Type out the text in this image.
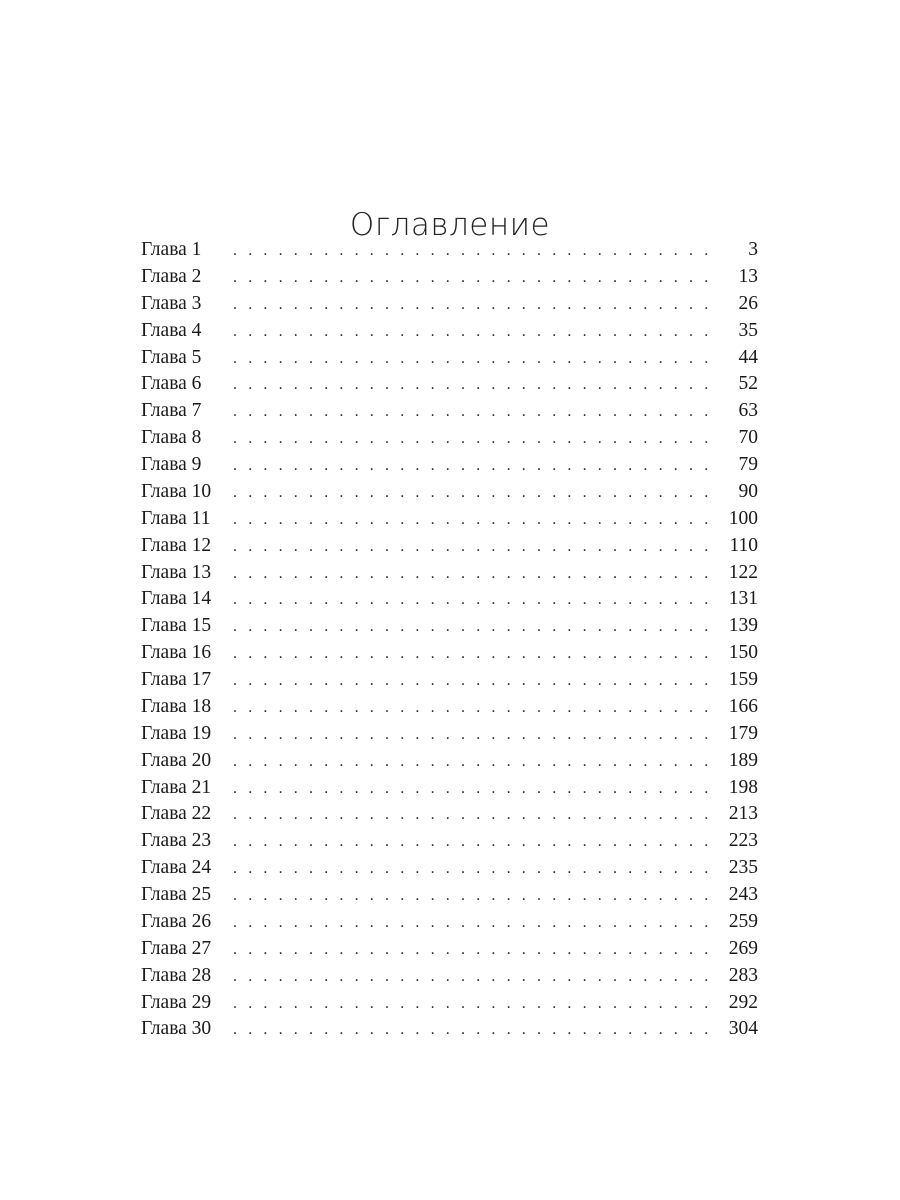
Оглавление
Глава 1 . . .	3
Глава 2 . . .	13
Глава 3 . . .	26
Глава 4 . . .	35
Глава 5 . . .	44
Глава 6 . . .	52
Глава 7 . . .	63
Глава 8 . . .	70
Глава 9 . . .	79
Глава 10 . . .	90
Глава 11 . . .	100
Глава 12 . . .	110
Глава 13 . . .	122
Глава 14 . . .	131
Глава 15 . . .	139
Глава 16 . . .	150
Глава 17 . . .	159
Глава 18 . . .	166
Глава 19 . . .	179
Глава 20 . . .	189
Глава 21 . . .	198
Глава 22 . . .	213
Глава 23 . . .	223
Глава 24 . . .	235
Глава 25 . . .	243
Глава 26 . . .	259
Глава 27 . . .	269
Глава 28 . . .	283
Глава 29 . . .	292
Глава 30 . . .	304
